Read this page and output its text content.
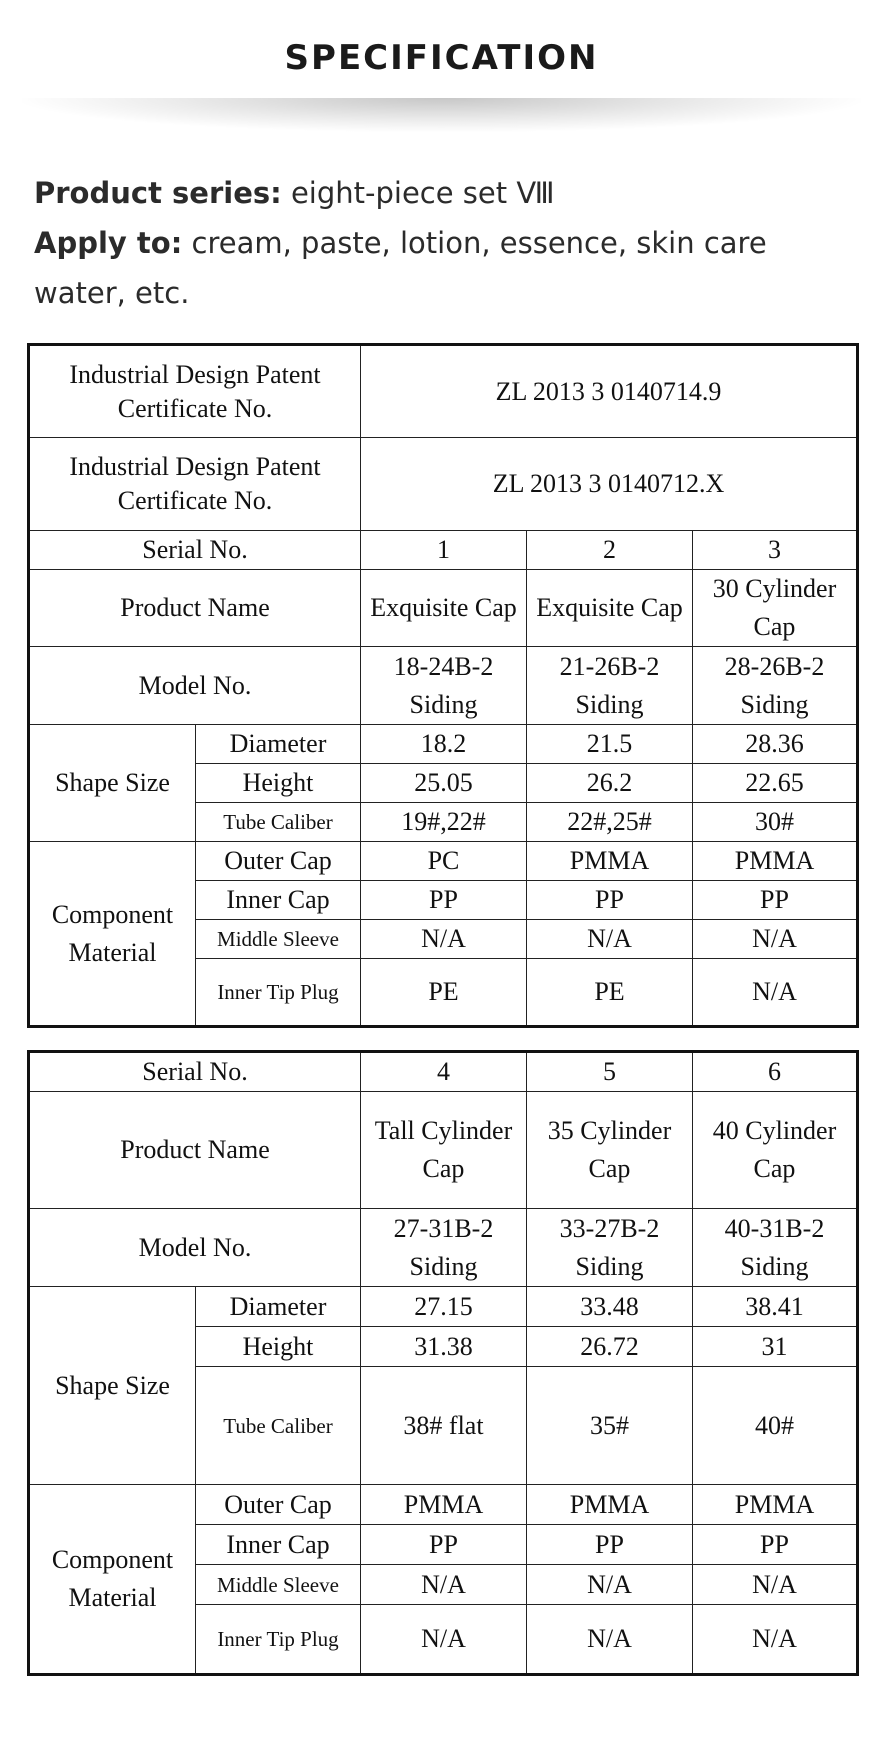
SPECIFICATION
Product series: eight-piece set Ⅷ
Apply to: cream, paste, lotion, essence, skin care water, etc.
Industrial Design Patent Certificate No.		ZL 2013 3 0140714.9		
Industrial Design Patent Certificate No.		ZL 2013 3 0140712.X		
Serial No.		1	2	3
Product Name		Exquisite Cap	Exquisite Cap	30 Cylinder Cap
Model No.		18-24B-2 Siding	21-26B-2 Siding	28-26B-2 Siding
Shape Size	Diameter	18.2	21.5	28.36
	Height	25.05	26.2	22.65
	Tube Caliber	19#,22#	22#,25#	30#
Component Material	Outer Cap	PC	PMMA	PMMA
	Inner Cap	PP	PP	PP
	Middle Sleeve	N/A	N/A	N/A
	Inner Tip Plug	PE	PE	N/A
Serial No.		4	5	6
Product Name		Tall Cylinder Cap	35 Cylinder Cap	40 Cylinder Cap
Model No.		27-31B-2 Siding	33-27B-2 Siding	40-31B-2 Siding
Shape Size	Diameter	27.15	33.48	38.41
	Height	31.38	26.72	31
	Tube Caliber	38# flat	35#	40#
Component Material	Outer Cap	PMMA	PMMA	PMMA
	Inner Cap	PP	PP	PP
	Middle Sleeve	N/A	N/A	N/A
	Inner Tip Plug	N/A	N/A	N/A
